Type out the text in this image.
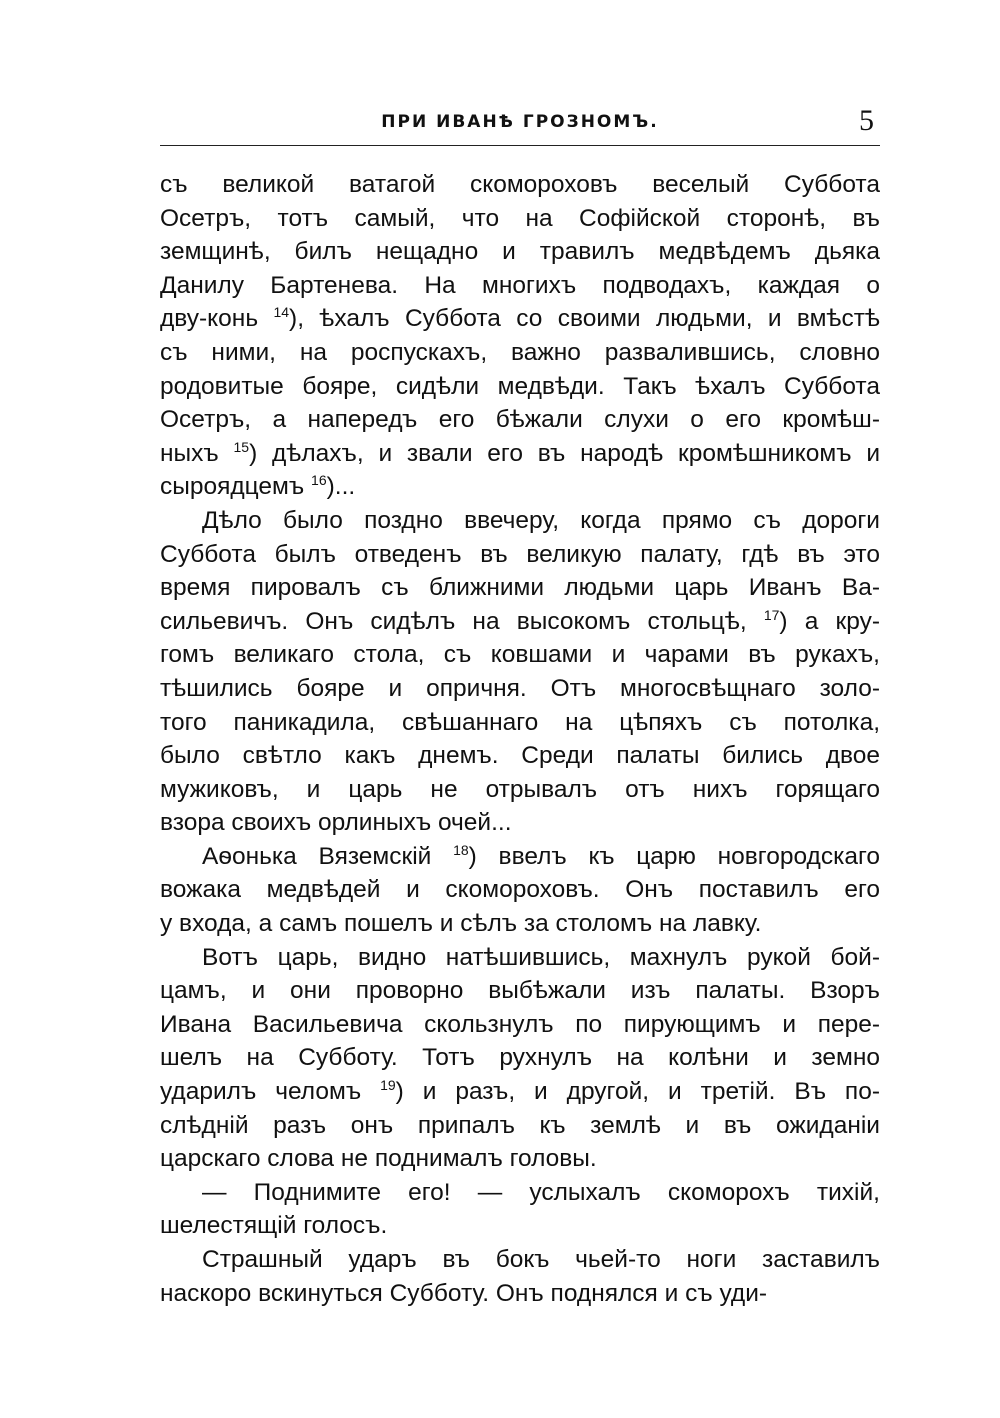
ПРИ ИВАНѢ ГРОЗНОМЪ.	5
съ великой ватагой скомороховъ веселый Суббота
Осетръ, тотъ самый, что на Софійской сторонѣ, въ
земщинѣ, билъ нещадно и травилъ медвѣдемъ дьяка
Данилу Бартенева. На многихъ подводахъ, каждая о
дву-конь $^{14}$), ѣхалъ Суббота со своими людьми, и вмѣстѣ
съ ними, на роспускахъ, важно развалившись, словно
родовитые бояре, сидѣли медвѣди. Такъ ѣхалъ Суббота
Осетръ, а напередъ его бѣжали слухи о его кромѣш-
ныхъ $^{15}$) дѣлахъ, и звали его въ народѣ кромѣшникомъ и
сыроядцемъ $^{16}$)...
Дѣло было поздно ввечеру, когда прямо съ дороги
Суббота былъ отведенъ въ великую палату, гдѣ въ это
время пировалъ съ ближними людьми царь Иванъ Ва-
сильевичъ. Онъ сидѣлъ на высокомъ стольцѣ, $^{17}$) а кру-
гомъ великаго стола, съ ковшами и чарами въ рукахъ,
тѣшились бояре и опричня. Отъ многосвѣщнаго золо-
того паникадила, свѣшаннаго на цѣпяхъ съ потолка,
было свѣтло какъ днемъ. Среди палаты бились двое
мужиковъ, и царь не отрывалъ отъ нихъ горящаго
взора своихъ орлиныхъ очей...
Аѳонька Вяземскій $^{18}$) ввелъ къ царю новгородскаго
вожака медвѣдей и скомороховъ. Онъ поставилъ его
у входа, а самъ пошелъ и сѣлъ за столомъ на лавку.
Вотъ царь, видно натѣшившись, махнулъ рукой бой-
цамъ, и они проворно выбѣжали изъ палаты. Взоръ
Ивана Васильевича скользнулъ по пирующимъ и пере-
шелъ на Субботу. Тотъ рухнулъ на колѣни и земно
ударилъ челомъ $^{19}$) и разъ, и другой, и третій. Въ по-
слѣдній разъ онъ припалъ къ землѣ и въ ожиданіи
царскаго слова не поднималъ головы.
— Поднимите его! — услыхалъ скоморохъ тихій,
шелестящій голосъ.
Страшный ударъ въ бокъ чьей-то ноги заставилъ
наскоро вскинуться Субботу. Онъ поднялся и съ уди-
